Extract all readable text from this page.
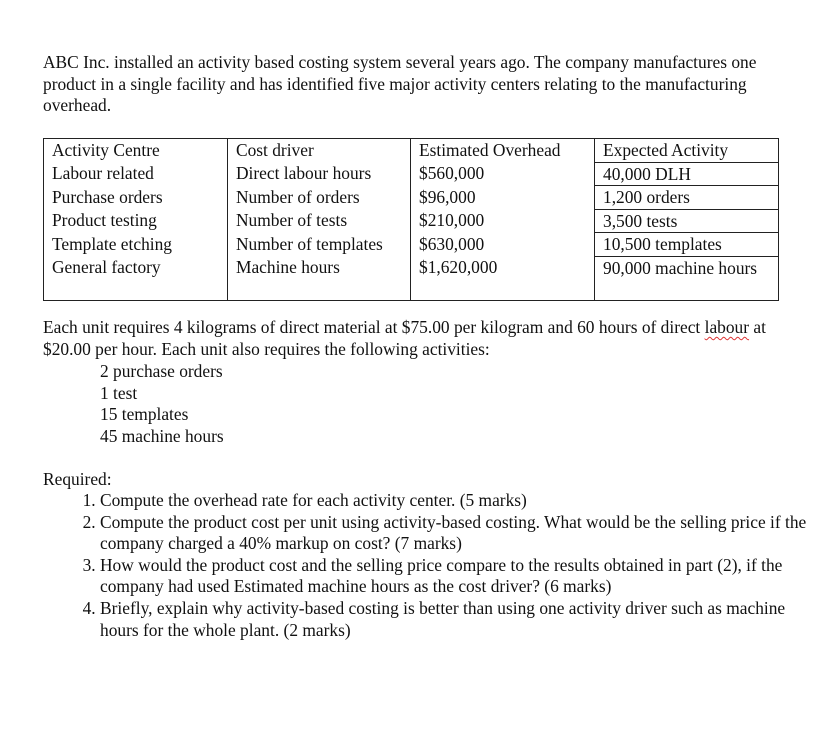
ABC Inc. installed an activity based costing system several years ago. The company manufactures one product in a single facility and has identified five major activity centers relating to the manufacturing overhead.
Activity Centre	Cost driver	Estimated Overhead	Expected Activity
Labour related	Direct labour hours	$560,000	40,000 DLH
Purchase orders	Number of orders	$96,000	1,200 orders
Product testing	Number of tests	$210,000	3,500 tests
Template etching	Number of templates	$630,000	10,500 templates
General factory	Machine hours	$1,620,000	90,000 machine hours
Each unit requires 4 kilograms of direct material at $75.00 per kilogram and 60 hours of direct labour at $20.00 per hour. Each unit also requires the following activities:
2 purchase orders
1 test
15 templates
45 machine hours
Required:
1. Compute the overhead rate for each activity center. (5 marks)
2. Compute the product cost per unit using activity-based costing. What would be the selling price if the company charged a 40% markup on cost? (7 marks)
3. How would the product cost and the selling price compare to the results obtained in part (2), if the company had used Estimated machine hours as the cost driver? (6 marks)
4. Briefly, explain why activity-based costing is better than using one activity driver such as machine hours for the whole plant. (2 marks)
